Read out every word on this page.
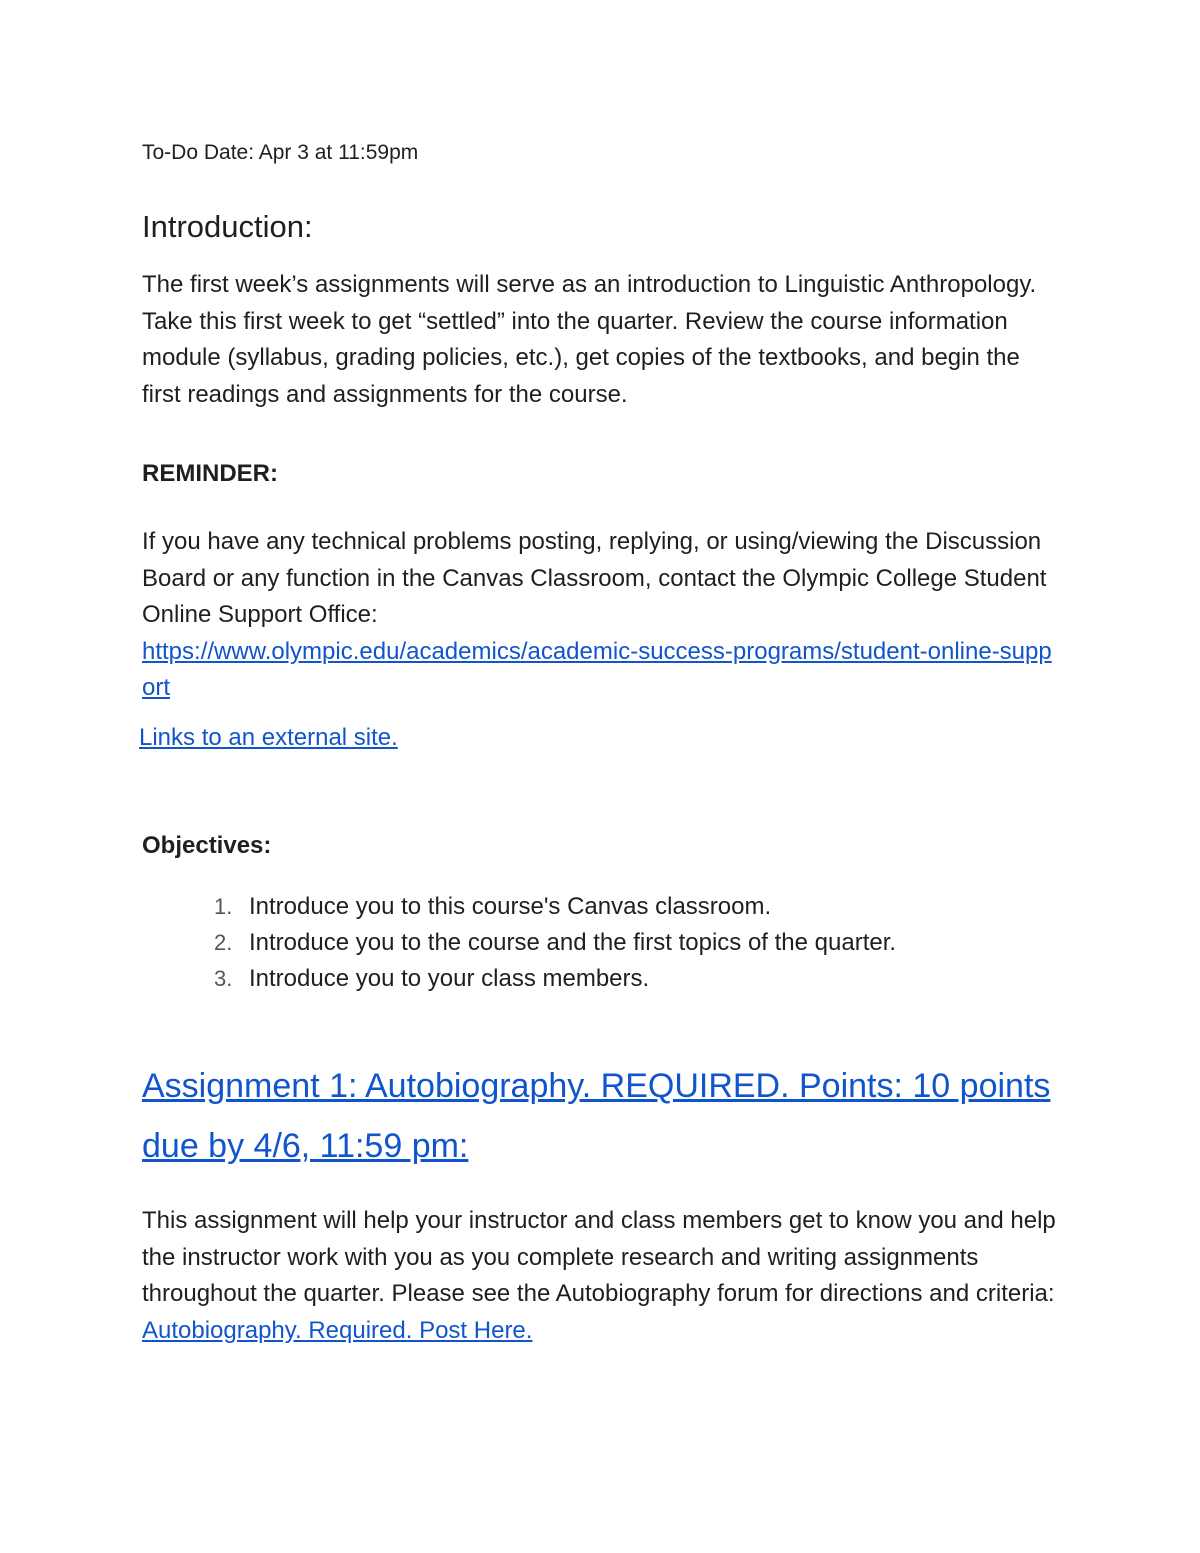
To-Do Date: Apr 3 at 11:59pm
Introduction:

The first week’s assignments will serve as an introduction to Linguistic Anthropology. Take this first week to get “settled” into the quarter. Review the course information module (syllabus, grading policies, etc.), get copies of the textbooks, and begin the first readings and assignments for the course.

REMINDER:
If you have any technical problems posting, replying, or using/viewing the Discussion Board or any function in the Canvas Classroom, contact the Olympic College Student Online Support Office:
https://www.olympic.edu/academics/academic-success-programs/student-online-support
Links to an external site.
Objectives:
1. Introduce you to this course's Canvas classroom.
2. Introduce you to the course and the first topics of the quarter.
3. Introduce you to your class members.
Assignment 1: Autobiography. REQUIRED. Points: 10 points due by 4/6, 11:59 pm:

This assignment will help your instructor and class members get to know you and help the instructor work with you as you complete research and writing assignments throughout the quarter. Please see the Autobiography forum for directions and criteria: Autobiography. Required. Post Here.
